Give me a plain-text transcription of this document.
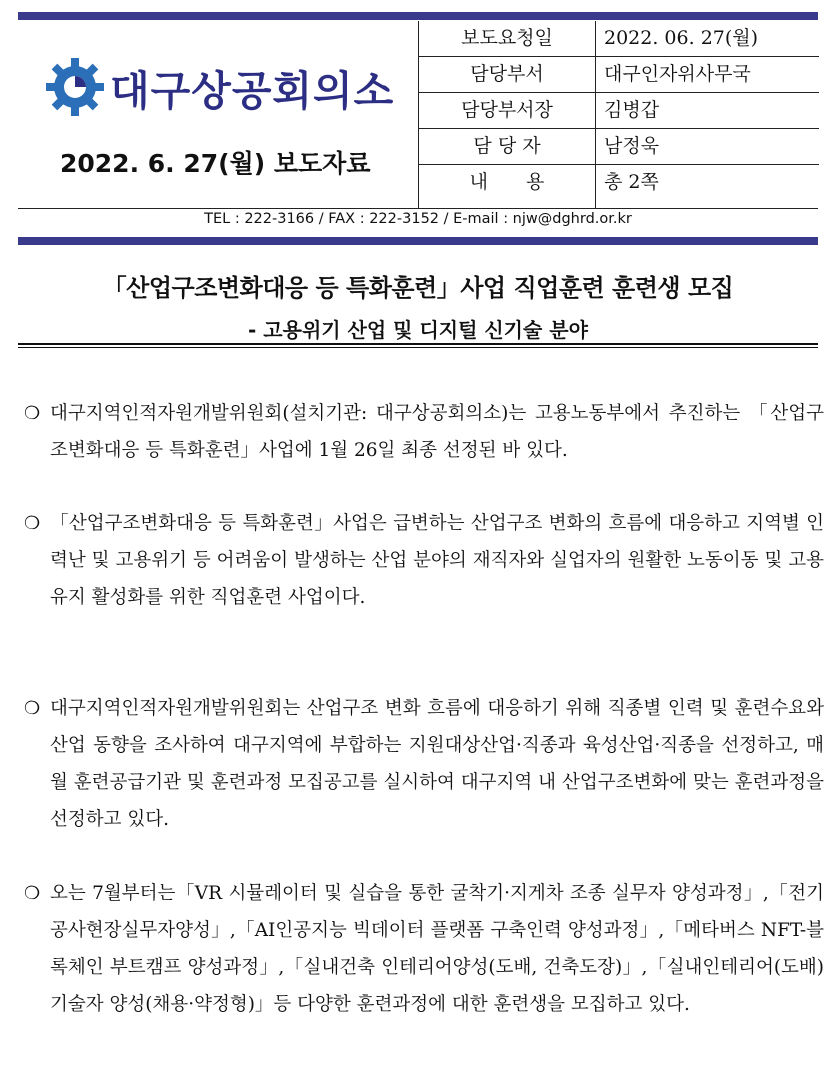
대구상공회의소
2022. 6. 27(월) 보도자료
보도요청일	2022. 06. 27(월)
담당부서	대구인자위사무국
담당부서장	김병갑
담 당 자	남정욱
내　　용	총 2쪽
TEL : 222-3166 / FAX : 222-3152 / E-mail : njw@dghrd.or.kr
「산업구조변화대응 등 특화훈련」사업 직업훈련 훈련생 모집
- 고용위기 산업 및 디지털 신기술 분야
❍ 대구지역인적자원개발위원회(설치기관: 대구상공회의소)는 고용노동부에서 추진하는 「산업구조변화대응 등 특화훈련」사업에 1월 26일 최종 선정된 바 있다.
❍ 「산업구조변화대응 등 특화훈련」사업은 급변하는 산업구조 변화의 흐름에 대응하고 지역별 인력난 및 고용위기 등 어려움이 발생하는 산업 분야의 재직자와 실업자의 원활한 노동이동 및 고용유지 활성화를 위한 직업훈련 사업이다.
❍ 대구지역인적자원개발위원회는 산업구조 변화 흐름에 대응하기 위해 직종별 인력 및 훈련수요와 산업 동향을 조사하여 대구지역에 부합하는 지원대상산업·직종과 육성산업·직종을 선정하고, 매월 훈련공급기관 및 훈련과정 모집공고를 실시하여 대구지역 내 산업구조변화에 맞는 훈련과정을 선정하고 있다.
❍ 오는 7월부터는「VR 시뮬레이터 및 실습을 통한 굴착기·지게차 조종 실무자 양성과정」,「전기공사현장실무자양성」,「AI인공지능 빅데이터 플랫폼 구축인력 양성과정」,「메타버스 NFT-블록체인 부트캠프 양성과정」,「실내건축 인테리어양성(도배, 건축도장)」,「실내인테리어(도배)기술자 양성(채용·약정형)」등 다양한 훈련과정에 대한 훈련생을 모집하고 있다.
